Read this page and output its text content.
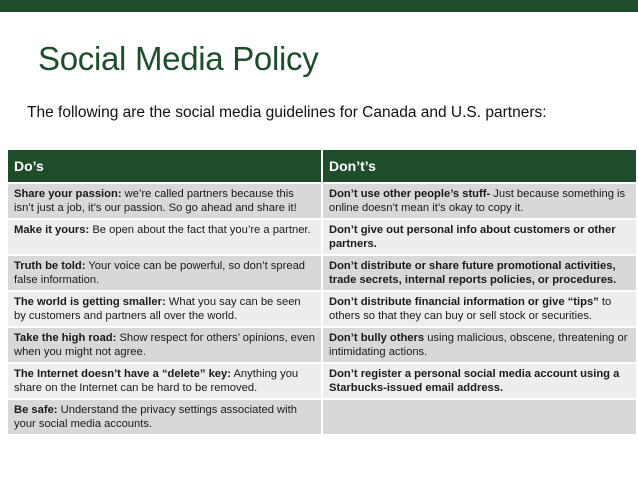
Social Media Policy
The following are the social media guidelines for Canada and U.S. partners:
Do’s	Don’t’s
Share your passion: we’re called partners because this isn’t just a job, it’s our passion. So go ahead and share it!	Don’t use other people’s stuff- Just because something is online doesn’t mean it’s okay to copy it.
Make it yours: Be open about the fact that you’re a partner.	Don’t give out personal info about customers or other partners.
Truth be told: Your voice can be powerful, so don’t spread false information.	Don’t distribute or share future promotional activities, trade secrets, internal reports policies, or procedures.
The world is getting smaller: What you say can be seen by customers and partners all over the world.	Don’t distribute financial information or give “tips” to others so that they can buy or sell stock or securities.
Take the high road: Show respect for others’ opinions, even when you might not agree.	Don’t bully others using malicious, obscene, threatening or intimidating actions.
The Internet doesn’t have a “delete” key: Anything you share on the Internet can be hard to be removed.	Don’t register a personal social media account using a Starbucks-issued email address.
Be safe: Understand the privacy settings associated with your social media accounts.	
